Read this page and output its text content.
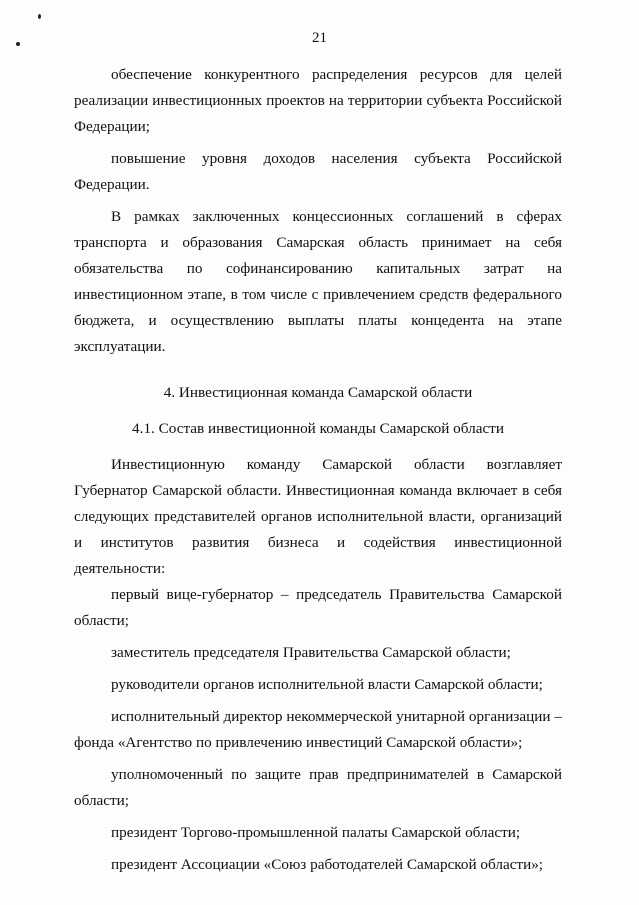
21

обеспечение конкурентного распределения ресурсов для целей реализации инвестиционных проектов на территории субъекта Российской Федерации;

повышение уровня доходов населения субъекта Российской Федерации.

В рамках заключенных концессионных соглашений в сферах транспорта и образования Самарская область принимает на себя обязательства по софинансированию капитальных затрат на инвестиционном этапе, в том числе с привлечением средств федерального бюджета, и осуществлению выплаты платы концедента на этапе эксплуатации.

4. Инвестиционная команда Самарской области

4.1. Состав инвестиционной команды Самарской области

Инвестиционную команду Самарской области возглавляет Губернатор Самарской области. Инвестиционная команда включает в себя следующих представителей органов исполнительной власти, организаций и институтов развития бизнеса и содействия инвестиционной деятельности:

первый вице-губернатор – председатель Правительства Самарской области;

заместитель председателя Правительства Самарской области;

руководители органов исполнительной власти Самарской области;

исполнительный директор некоммерческой унитарной организации – фонда «Агентство по привлечению инвестиций Самарской области»;

уполномоченный по защите прав предпринимателей в Самарской области;

президент Торгово-промышленной палаты Самарской области;

президент Ассоциации «Союз работодателей Самарской области»;
